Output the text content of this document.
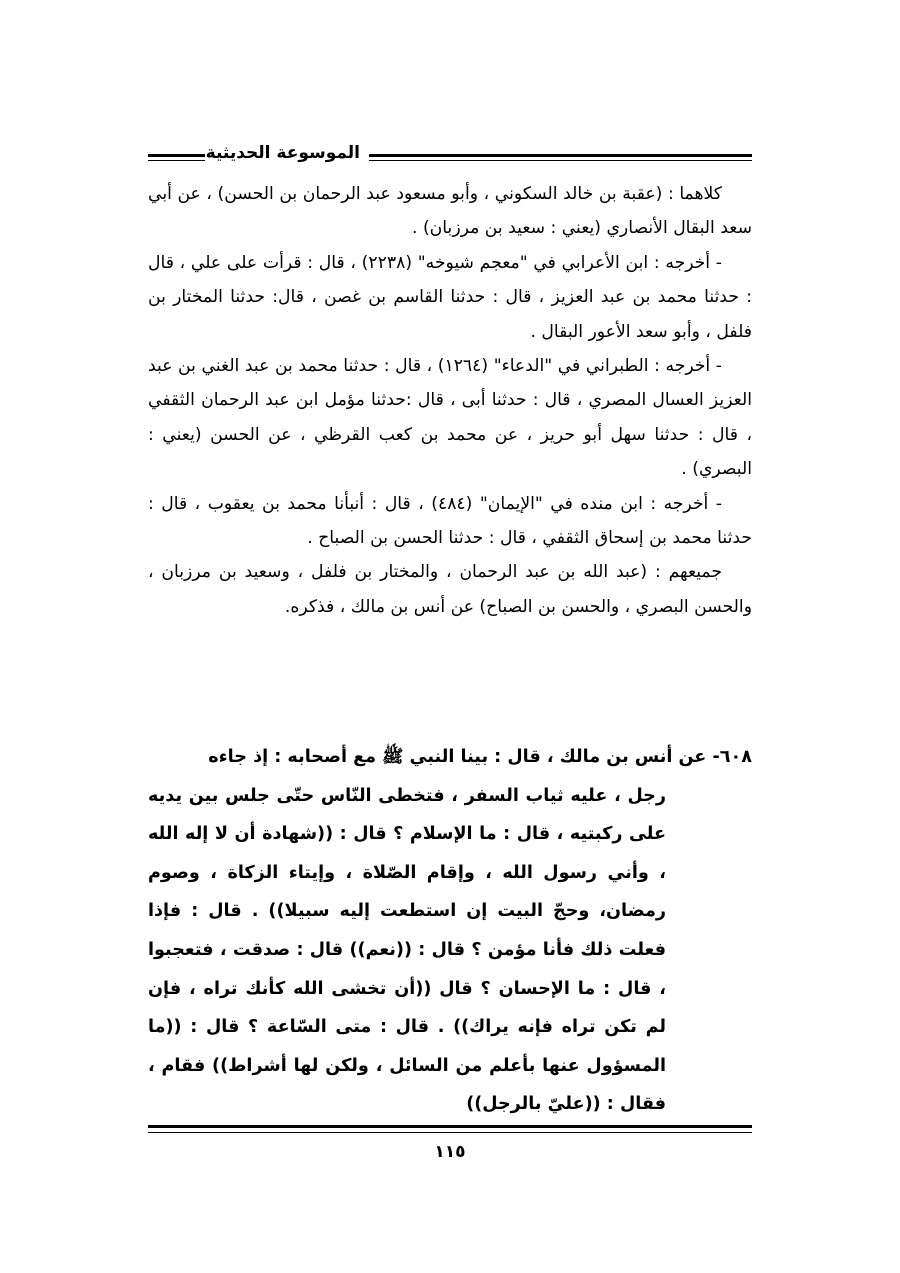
الموسوعة الحديثية

كلاهما : (عقبة بن خالد السكوني ، وأبو مسعود عبد الرحمان بن الحسن) ، عن أبي سعد البقال الأنصاري (يعني : سعيد بن مرزبان) .

- أخرجه : ابن الأعرابي في "معجم شيوخه" (٢٢٣٨) ، قال : قرأت على علي ، قال : حدثنا محمد بن عبد العزيز ، قال : حدثنا القاسم بن غصن ، قال: حدثنا المختار بن فلفل ، وأبو سعد الأعور البقال .

- أخرجه : الطبراني في "الدعاء" (١٢٦٤) ، قال : حدثنا محمد بن عبد الغني بن عبد العزيز العسال المصري ، قال : حدثنا أبى ، قال :حدثنا مؤمل ابن عبد الرحمان الثقفي ، قال : حدثنا سهل أبو حريز ، عن محمد بن كعب القرظي ، عن الحسن (يعني : البصري) .

- أخرجه : ابن منده في "الإيمان" (٤٨٤) ، قال : أنبأنا محمد بن يعقوب ، قال : حدثنا محمد بن إسحاق الثقفي ، قال : حدثنا الحسن بن الصباح .

جميعهم : (عبد الله بن عبد الرحمان ، والمختار بن فلفل ، وسعيد بن مرزبان ، والحسن البصري ، والحسن بن الصباح) عن أنس بن مالك ، فذكره.

٦٠٨- عن أنس بن مالك ، قال : بينا النبي ﷺ مع أصحابه : إذ جاءه
رجل ، عليه ثياب السفر ، فتخطى النّاس حتّى جلس بين يديه على ركبتيه ، قال : ما الإسلام ؟ قال : ((شهادة أن لا إله الله ، وأني رسول الله ، وإقام الصّلاة ، وإيتاء الزكاة ، وصوم رمضان، وحجّ البيت إن استطعت إليه سبيلا)) . قال : فإذا فعلت ذلك فأنا مؤمن ؟ قال : ((نعم)) قال : صدقت ، فتعجبوا ، قال : ما الإحسان ؟ قال ((أن تخشى الله كأنك تراه ، فإن لم تكن تراه فإنه يراك)) . قال : متى السّاعة ؟ قال : ((ما المسؤول عنها بأعلم من السائل ، ولكن لها أشراط)) فقام ، فقال : ((عليّ بالرجل))
١١٥
